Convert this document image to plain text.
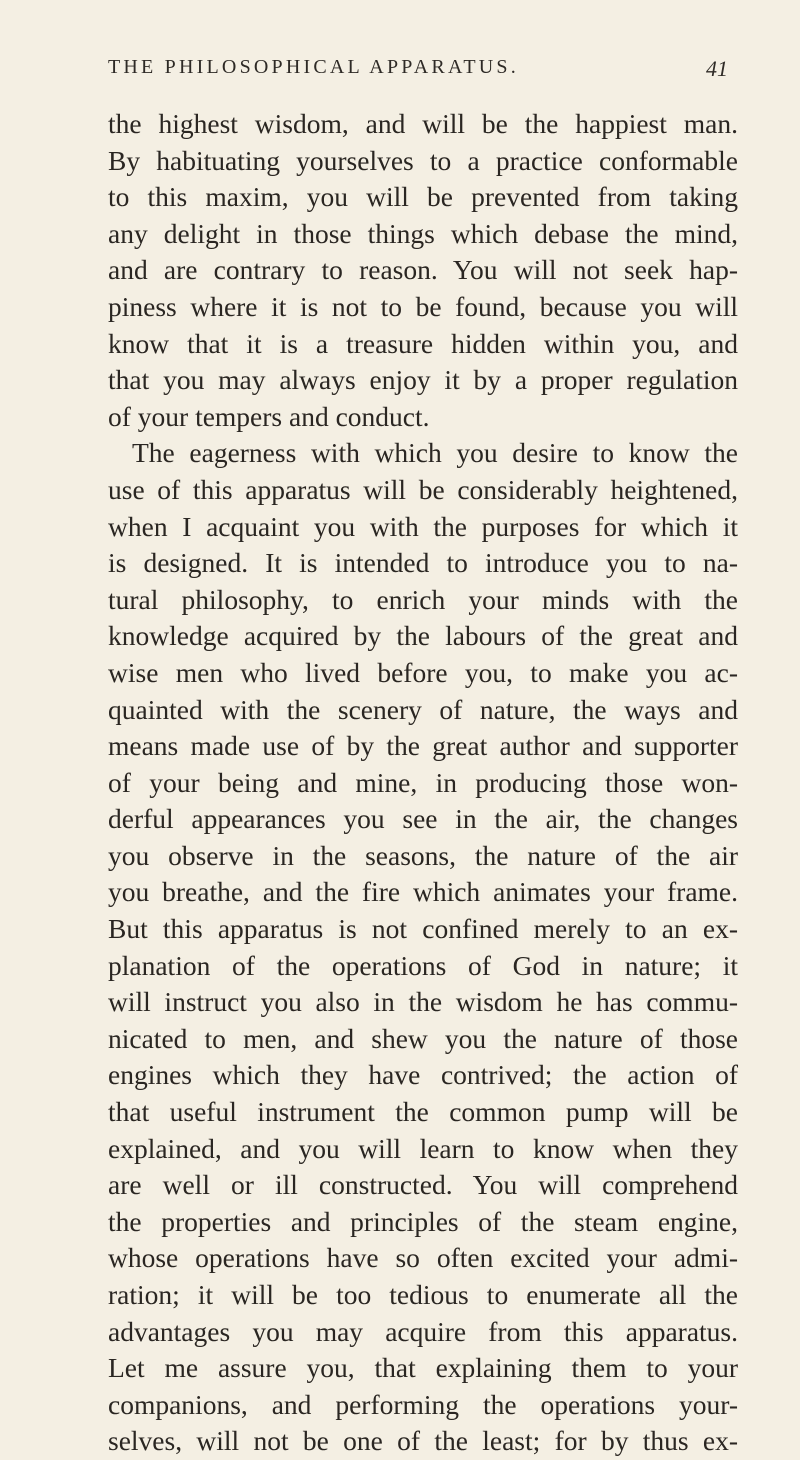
THE PHILOSOPHICAL APPARATUS.	41
the highest wisdom, and will be the happiest man.
By habituating yourselves to a practice conformable
to this maxim, you will be prevented from taking
any delight in those things which debase the mind,
and are contrary to reason. You will not seek hap-
piness where it is not to be found, because you will
know that it is a treasure hidden within you, and
that you may always enjoy it by a proper regulation
of your tempers and conduct.
The eagerness with which you desire to know the
use of this apparatus will be considerably heightened,
when I acquaint you with the purposes for which it
is designed. It is intended to introduce you to na-
tural philosophy, to enrich your minds with the
knowledge acquired by the labours of the great and
wise men who lived before you, to make you ac-
quainted with the scenery of nature, the ways and
means made use of by the great author and supporter
of your being and mine, in producing those won-
derful appearances you see in the air, the changes
you observe in the seasons, the nature of the air
you breathe, and the fire which animates your frame.
But this apparatus is not confined merely to an ex-
planation of the operations of God in nature; it
will instruct you also in the wisdom he has commu-
nicated to men, and shew you the nature of those
engines which they have contrived; the action of
that useful instrument the common pump will be
explained, and you will learn to know when they
are well or ill constructed. You will comprehend
the properties and principles of the steam engine,
whose operations have so often excited your admi-
ration; it will be too tedious to enumerate all the
advantages you may acquire from this apparatus.
Let me assure you, that explaining them to your
companions, and performing the operations your-
selves, will not be one of the least; for by thus ex-
